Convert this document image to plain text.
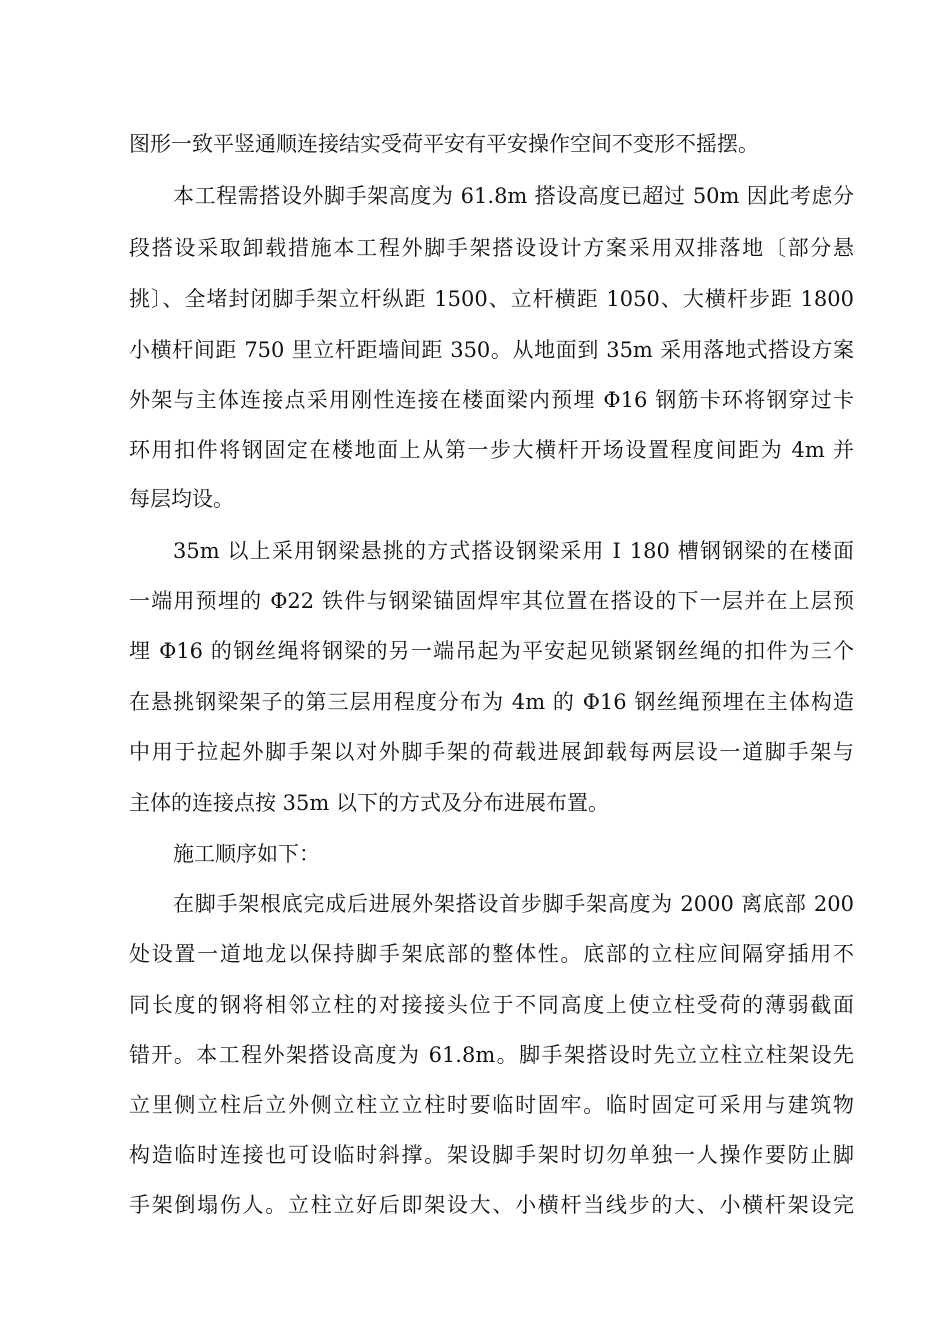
图形一致平竖通顺连接结实受荷平安有平安操作空间不变形不摇摆。
本工程需搭设外脚手架高度为 61.8m 搭设高度已超过 50m 因此考虑分
段搭设采取卸载措施本工程外脚手架搭设设计方案采用双排落地〔部分悬
挑〕、全堵封闭脚手架立杆纵距 1500、立杆横距 1050、大横杆步距 1800
小横杆间距 750 里立杆距墙间距 350。从地面到 35m 采用落地式搭设方案
外架与主体连接点采用刚性连接在楼面梁内预埋 Φ16 钢筋卡环将钢穿过卡
环用扣件将钢固定在楼地面上从第一步大横杆开场设置程度间距为 4m 并
每层均设。
35m 以上采用钢梁悬挑的方式搭设钢梁采用 Ⅰ 180 槽钢钢梁的在楼面
一端用预埋的 Φ22 铁件与钢梁锚固焊牢其位置在搭设的下一层并在上层预
埋 Φ16 的钢丝绳将钢梁的另一端吊起为平安起见锁紧钢丝绳的扣件为三个
在悬挑钢梁架子的第三层用程度分布为 4m 的 Φ16 钢丝绳预埋在主体构造
中用于拉起外脚手架以对外脚手架的荷载进展卸载每两层设一道脚手架与
主体的连接点按 35m 以下的方式及分布进展布置。
施工顺序如下：
在脚手架根底完成后进展外架搭设首步脚手架高度为 2000 离底部 200
处设置一道地龙以保持脚手架底部的整体性。底部的立柱应间隔穿插用不
同长度的钢将相邻立柱的对接接头位于不同高度上使立柱受荷的薄弱截面
错开。本工程外架搭设高度为 61.8m。脚手架搭设时先立立柱立柱架设先
立里侧立柱后立外侧立柱立立柱时要临时固牢。临时固定可采用与建筑物
构造临时连接也可设临时斜撑。架设脚手架时切勿单独一人操作要防止脚
手架倒塌伤人。立柱立好后即架设大、小横杆当线步的大、小横杆架设完
